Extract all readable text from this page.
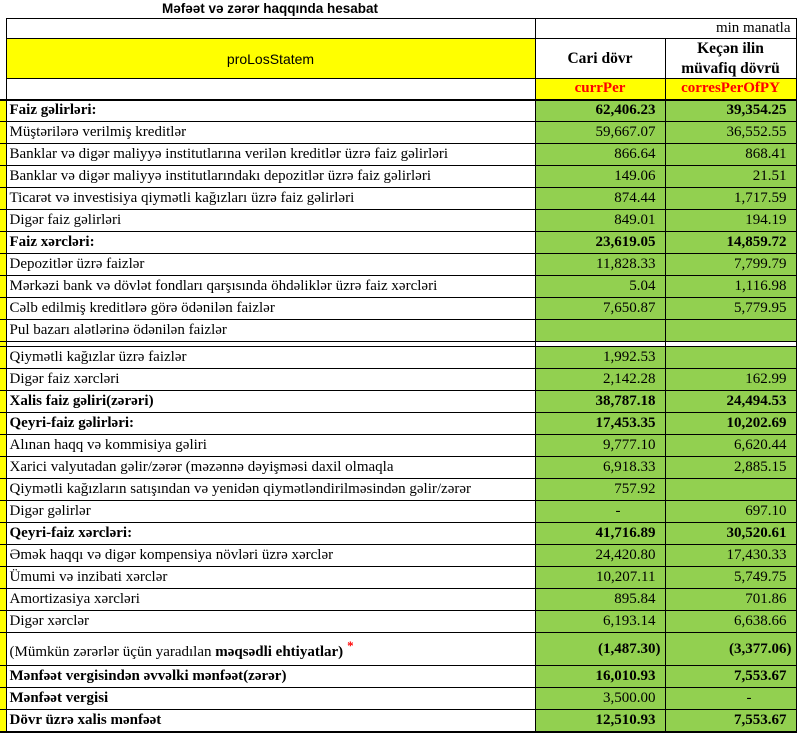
Məfəət və zərər haqqında hesabat
		min manatla	
	proLosStatem	Cari dövr	Keçən ilin müvafiq dövrü
		currPer	corresPerOfPY
	Faiz gəlirləri:	62,406.23	39,354.25
	Müştərilərə verilmiş kreditlər	59,667.07	36,552.55
	Banklar və digər maliyyə institutlarına verilən kreditlər üzrə faiz gəlirləri	866.64	868.41
	Banklar və digər maliyyə institutlarındakı depozitlər üzrə faiz gəlirləri	149.06	21.51
	Ticarət və investisiya qiymətli kağızları üzrə faiz gəlirləri	874.44	1,717.59
	Digər faiz gəlirləri	849.01	194.19
	Faiz xərcləri:	23,619.05	14,859.72
	Depozitlər üzrə faizlər	11,828.33	7,799.79
	Mərkəzi bank və dövlət fondları qarşısında öhdəliklər üzrə faiz xərcləri	5.04	1,116.98
	Cəlb edilmiş kreditlərə görə ödənilən faizlər	7,650.87	5,779.95
	Pul bazarı alətlərinə ödənilən faizlər		

	Qiymətli kağızlar üzrə faizlər	1,992.53	
	Digər faiz xərcləri	2,142.28	162.99
	Xalis faiz gəliri(zərəri)	38,787.18	24,494.53
	Qeyri-faiz gəlirləri:	17,453.35	10,202.69
	Alınan haqq və kommisiya gəliri	9,777.10	6,620.44
	Xarici valyutadan gəlir/zərər (məzənnə dəyişməsi daxil olmaqla	6,918.33	2,885.15
	Qiymətli kağızların satışından və yenidən qiymətləndirilməsindən gəlir/zərər	757.92	
	Digər gəlirlər	-	697.10
	Qeyri-faiz xərcləri:	41,716.89	30,520.61
	Əmək haqqı və digər kompensiya növləri üzrə xərclər	24,420.80	17,430.33
	Ümumi və inzibati xərclər	10,207.11	5,749.75
	Amortizasiya xərcləri	895.84	701.86
	Digər xərclər	6,193.14	6,638.66
	(Mümkün zərərlər üçün yaradılan məqsədli ehtiyatlar) *	(1,487.30)	(3,377.06)
	Mənfəət vergisindən əvvəlki mənfəət(zərər)	16,010.93	7,553.67
	Mənfəət vergisi	3,500.00	-
	Dövr üzrə xalis mənfəət	12,510.93	7,553.67
